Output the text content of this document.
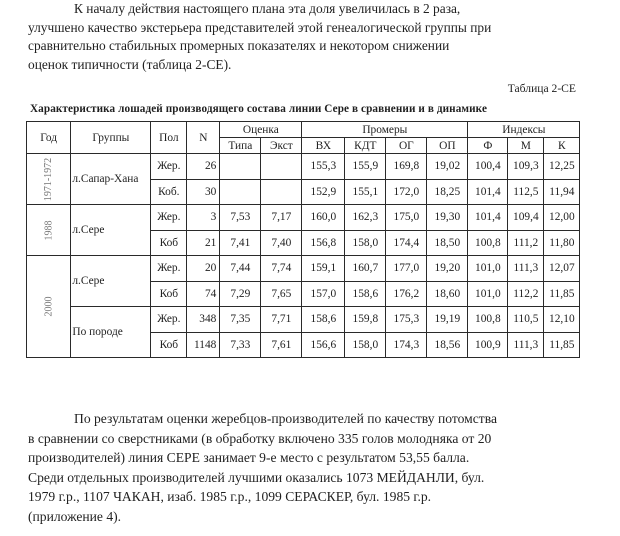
К началу действия настоящего плана эта доля увеличилась в 2 раза,
улучшено качество экстерьера представителей этой генеалогической группы при
сравнительно стабильных промерных показателях и некотором снижении
оценок типичности (таблица 2-СЕ).

Таблица 2-СЕ
Характеристика лошадей производящего состава линии Сере в сравнении и в динамике
Год	Группы	Пол	N	Оценка		Промеры				Индексы		
				Типа	Экст	ВХ	КДТ	ОГ	ОП	Ф	М	К
1971-1972	л.Сапар-Хана	Жер.	26			155,3	155,9	169,8	19,02	100,4	109,3	12,25
		Коб.	30			152,9	155,1	172,0	18,25	101,4	112,5	11,94
1988	л.Сере	Жер.	3	7,53	7,17	160,0	162,3	175,0	19,30	101,4	109,4	12,00
		Коб	21	7,41	7,40	156,8	158,0	174,4	18,50	100,8	111,2	11,80
2000	л.Сере	Жер.	20	7,44	7,74	159,1	160,7	177,0	19,20	101,0	111,3	12,07
		Коб	74	7,29	7,65	157,0	158,6	176,2	18,60	101,0	112,2	11,85
	По породе	Жер.	348	7,35	7,71	158,6	159,8	175,3	19,19	100,8	110,5	12,10
		Коб	1148	7,33	7,61	156,6	158,0	174,3	18,56	100,9	111,3	11,85

По результатам оценки жеребцов-производителей по качеству потомства
в сравнении со сверстниками (в обработку включено 335 голов молодняка от 20
производителей) линия СЕРЕ занимает 9-е место с результатом 53,55 балла.
Среди отдельных производителей лучшими оказались 1073 МЕЙДАНЛИ, бул.
1979 г.р., 1107 ЧАКАН, изаб. 1985 г.р., 1099 СЕРАСКЕР, бул. 1985 г.р.
(приложение 4).
